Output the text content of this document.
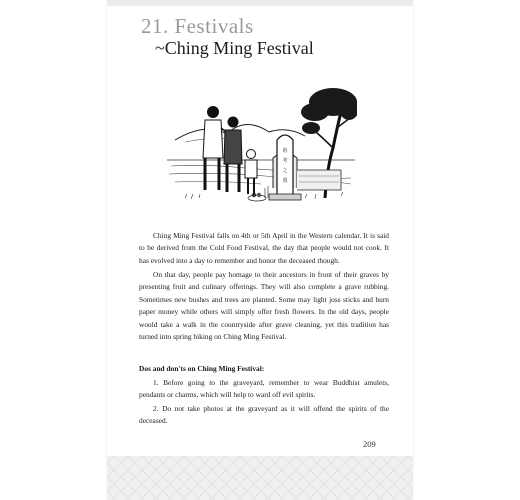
21. Festivals
~Ching Ming Festival
祖
考
之
墓

Ching Ming Festival falls on 4th or 5th April in the Western calendar. It is said to be derived from the Cold Food Festival, the day that people would not cook. It has evolved into a day to remember and honor the deceased though.

On that day, people pay homage to their ancestors in front of their graves by presenting fruit and culinary offerings. They will also complete a grave rubbing. Sometimes new bushes and trees are planted. Some may light joss sticks and burn paper money while others will simply offer fresh flowers. In the old days, people would take a walk in the countryside after grave cleaning, yet this tradition has turned into spring hiking on Ching Ming Festival.

Dos and don'ts on Ching Ming Festival:

1. Before going to the graveyard, remember to wear Buddhist amulets, pendants or charms, which will help to ward off evil spirits.

2. Do not take photos at the graveyard as it will offend the spirits of the deceased.

209
